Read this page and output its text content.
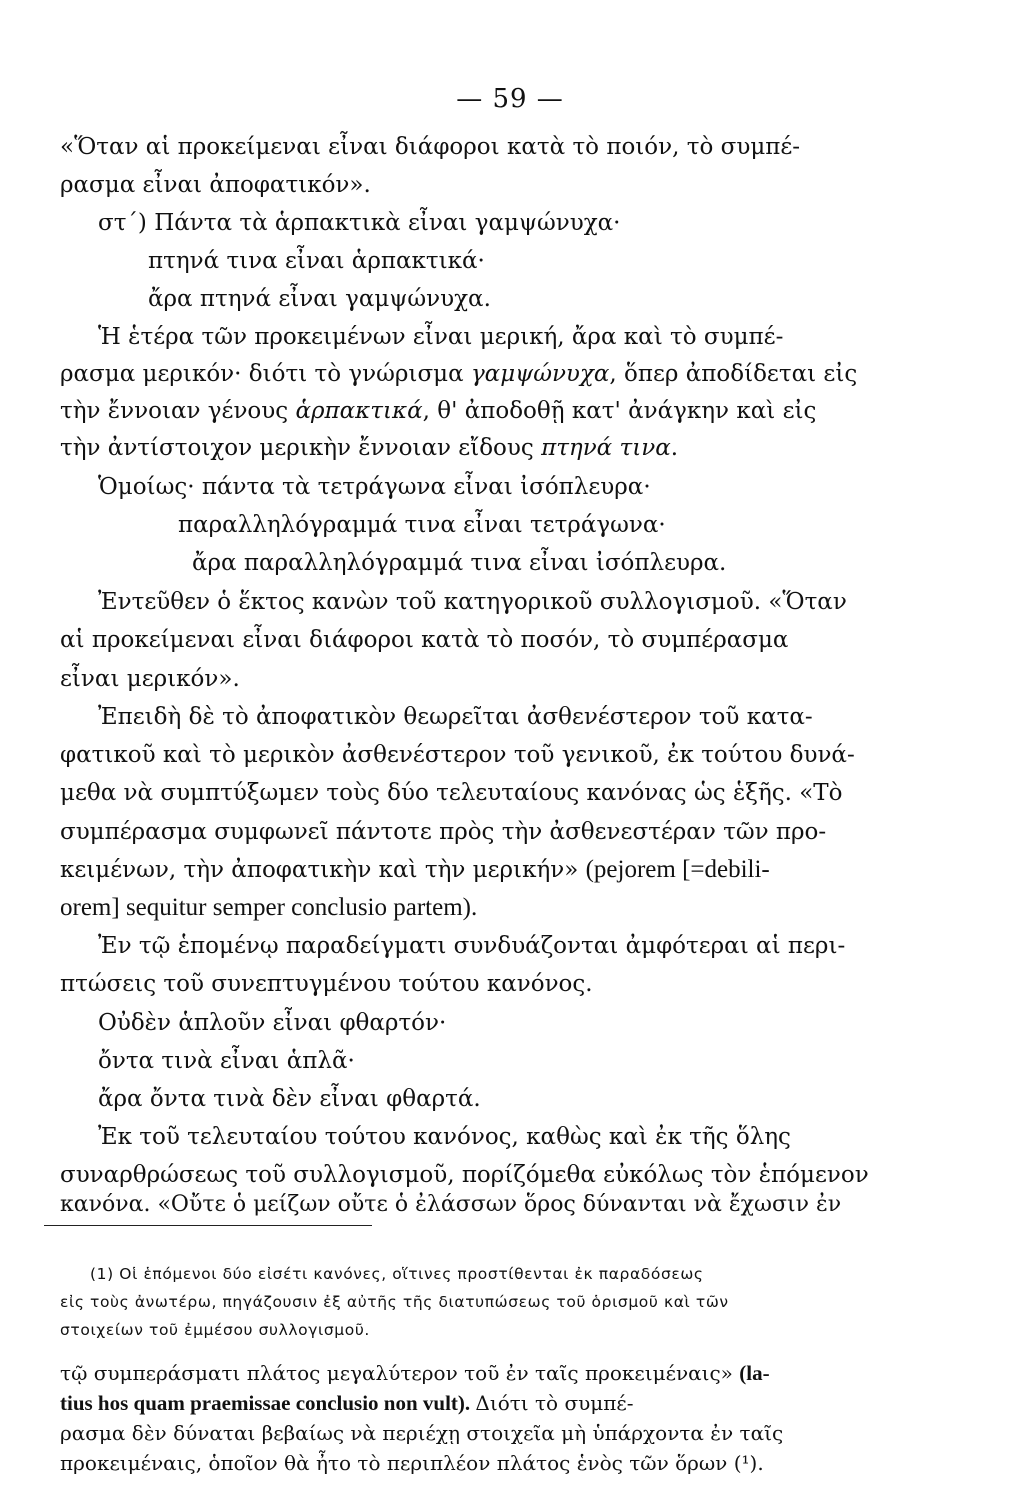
— 59 —
«Ὅταν αἱ προκείμεναι εἶναι διάφοροι κατὰ τὸ ποιόν, τὸ συμπέ-
ρασμα εἶναι ἀποφατικόν».
στ΄) Πάντα τὰ ἁρπακτικὰ εἶναι γαμψώνυχα·
πτηνά τινα εἶναι ἁρπακτικά·
ἄρα πτηνά εἶναι γαμψώνυχα.
Ἡ ἑτέρα τῶν προκειμένων εἶναι μερική, ἄρα καὶ τὸ συμπέ-
ρασμα μερικόν· διότι τὸ γνώρισμα γαμψώνυχα, ὅπερ ἀποδίδεται εἰς
τὴν ἔννοιαν γένους ἁρπακτικά, θ' ἀποδοθῇ κατ' ἀνάγκην καὶ εἰς
τὴν ἀντίστοιχον μερικὴν ἔννοιαν εἴδους πτηνά τινα.
Ὁμοίως· πάντα τὰ τετράγωνα εἶναι ἰσόπλευρα·
παραλληλόγραμμά τινα εἶναι τετράγωνα·
ἄρα παραλληλόγραμμά τινα εἶναι ἰσόπλευρα.
Ἐντεῦθεν ὁ ἕκτος κανὼν τοῦ κατηγορικοῦ συλλογισμοῦ. «Ὅταν
αἱ προκείμεναι εἶναι διάφοροι κατὰ τὸ ποσόν, τὸ συμπέρασμα
εἶναι μερικόν».
Ἐπειδὴ δὲ τὸ ἀποφατικὸν θεωρεῖται ἀσθενέστερον τοῦ κατα-
φατικοῦ καὶ τὸ μερικὸν ἀσθενέστερον τοῦ γενικοῦ, ἐκ τούτου δυνά-
μεθα νὰ συμπτύξωμεν τοὺς δύο τελευταίους κανόνας ὡς ἑξῆς. «Τὸ
συμπέρασμα συμφωνεῖ πάντοτε πρὸς τὴν ἀσθενεστέραν τῶν προ-
κειμένων, τὴν ἀποφατικὴν καὶ τὴν μερικήν» (pejorem [=debili-
orem] sequitur semper conclusio partem).
Ἐν τῷ ἑπομένῳ παραδείγματι συνδυάζονται ἀμφότεραι αἱ περι-
πτώσεις τοῦ συνεπτυγμένου τούτου κανόνος.
Οὐδὲν ἁπλοῦν εἶναι φθαρτόν·
ὄντα τινὰ εἶναι ἁπλᾶ·
ἄρα ὄντα τινὰ δὲν εἶναι φθαρτά.
Ἐκ τοῦ τελευταίου τούτου κανόνος, καθὼς καὶ ἐκ τῆς ὅλης
συναρθρώσεως τοῦ συλλογισμοῦ, πορίζόμεθα εὐκόλως τὸν ἑπόμενον
κανόνα. «Οὔτε ὁ μείζων οὔτε ὁ ἐλάσσων ὅρος δύνανται νὰ ἔχωσιν ἐν
(1) Οἱ ἑπόμενοι δύο εἰσέτι κανόνες, οἵτινες προστίθενται ἐκ παραδόσεως
εἰς τοὺς ἀνωτέρω, πηγάζουσιν ἐξ αὐτῆς τῆς διατυπώσεως τοῦ ὁρισμοῦ καὶ τῶν
στοιχείων τοῦ ἐμμέσου συλλογισμοῦ.
τῷ συμπεράσματι πλάτος μεγαλύτερον τοῦ ἐν ταῖς προκειμέναις» (la-
tius hos quam praemissae conclusio non vult). Διότι τὸ συμπέ-
ρασμα δὲν δύναται βεβαίως νὰ περιέχῃ στοιχεῖα μὴ ὑπάρχοντα ἐν ταῖς
προκειμέναις, ὁποῖον θὰ ἦτο τὸ περιπλέον πλάτος ἑνὸς τῶν ὅρων (¹).
